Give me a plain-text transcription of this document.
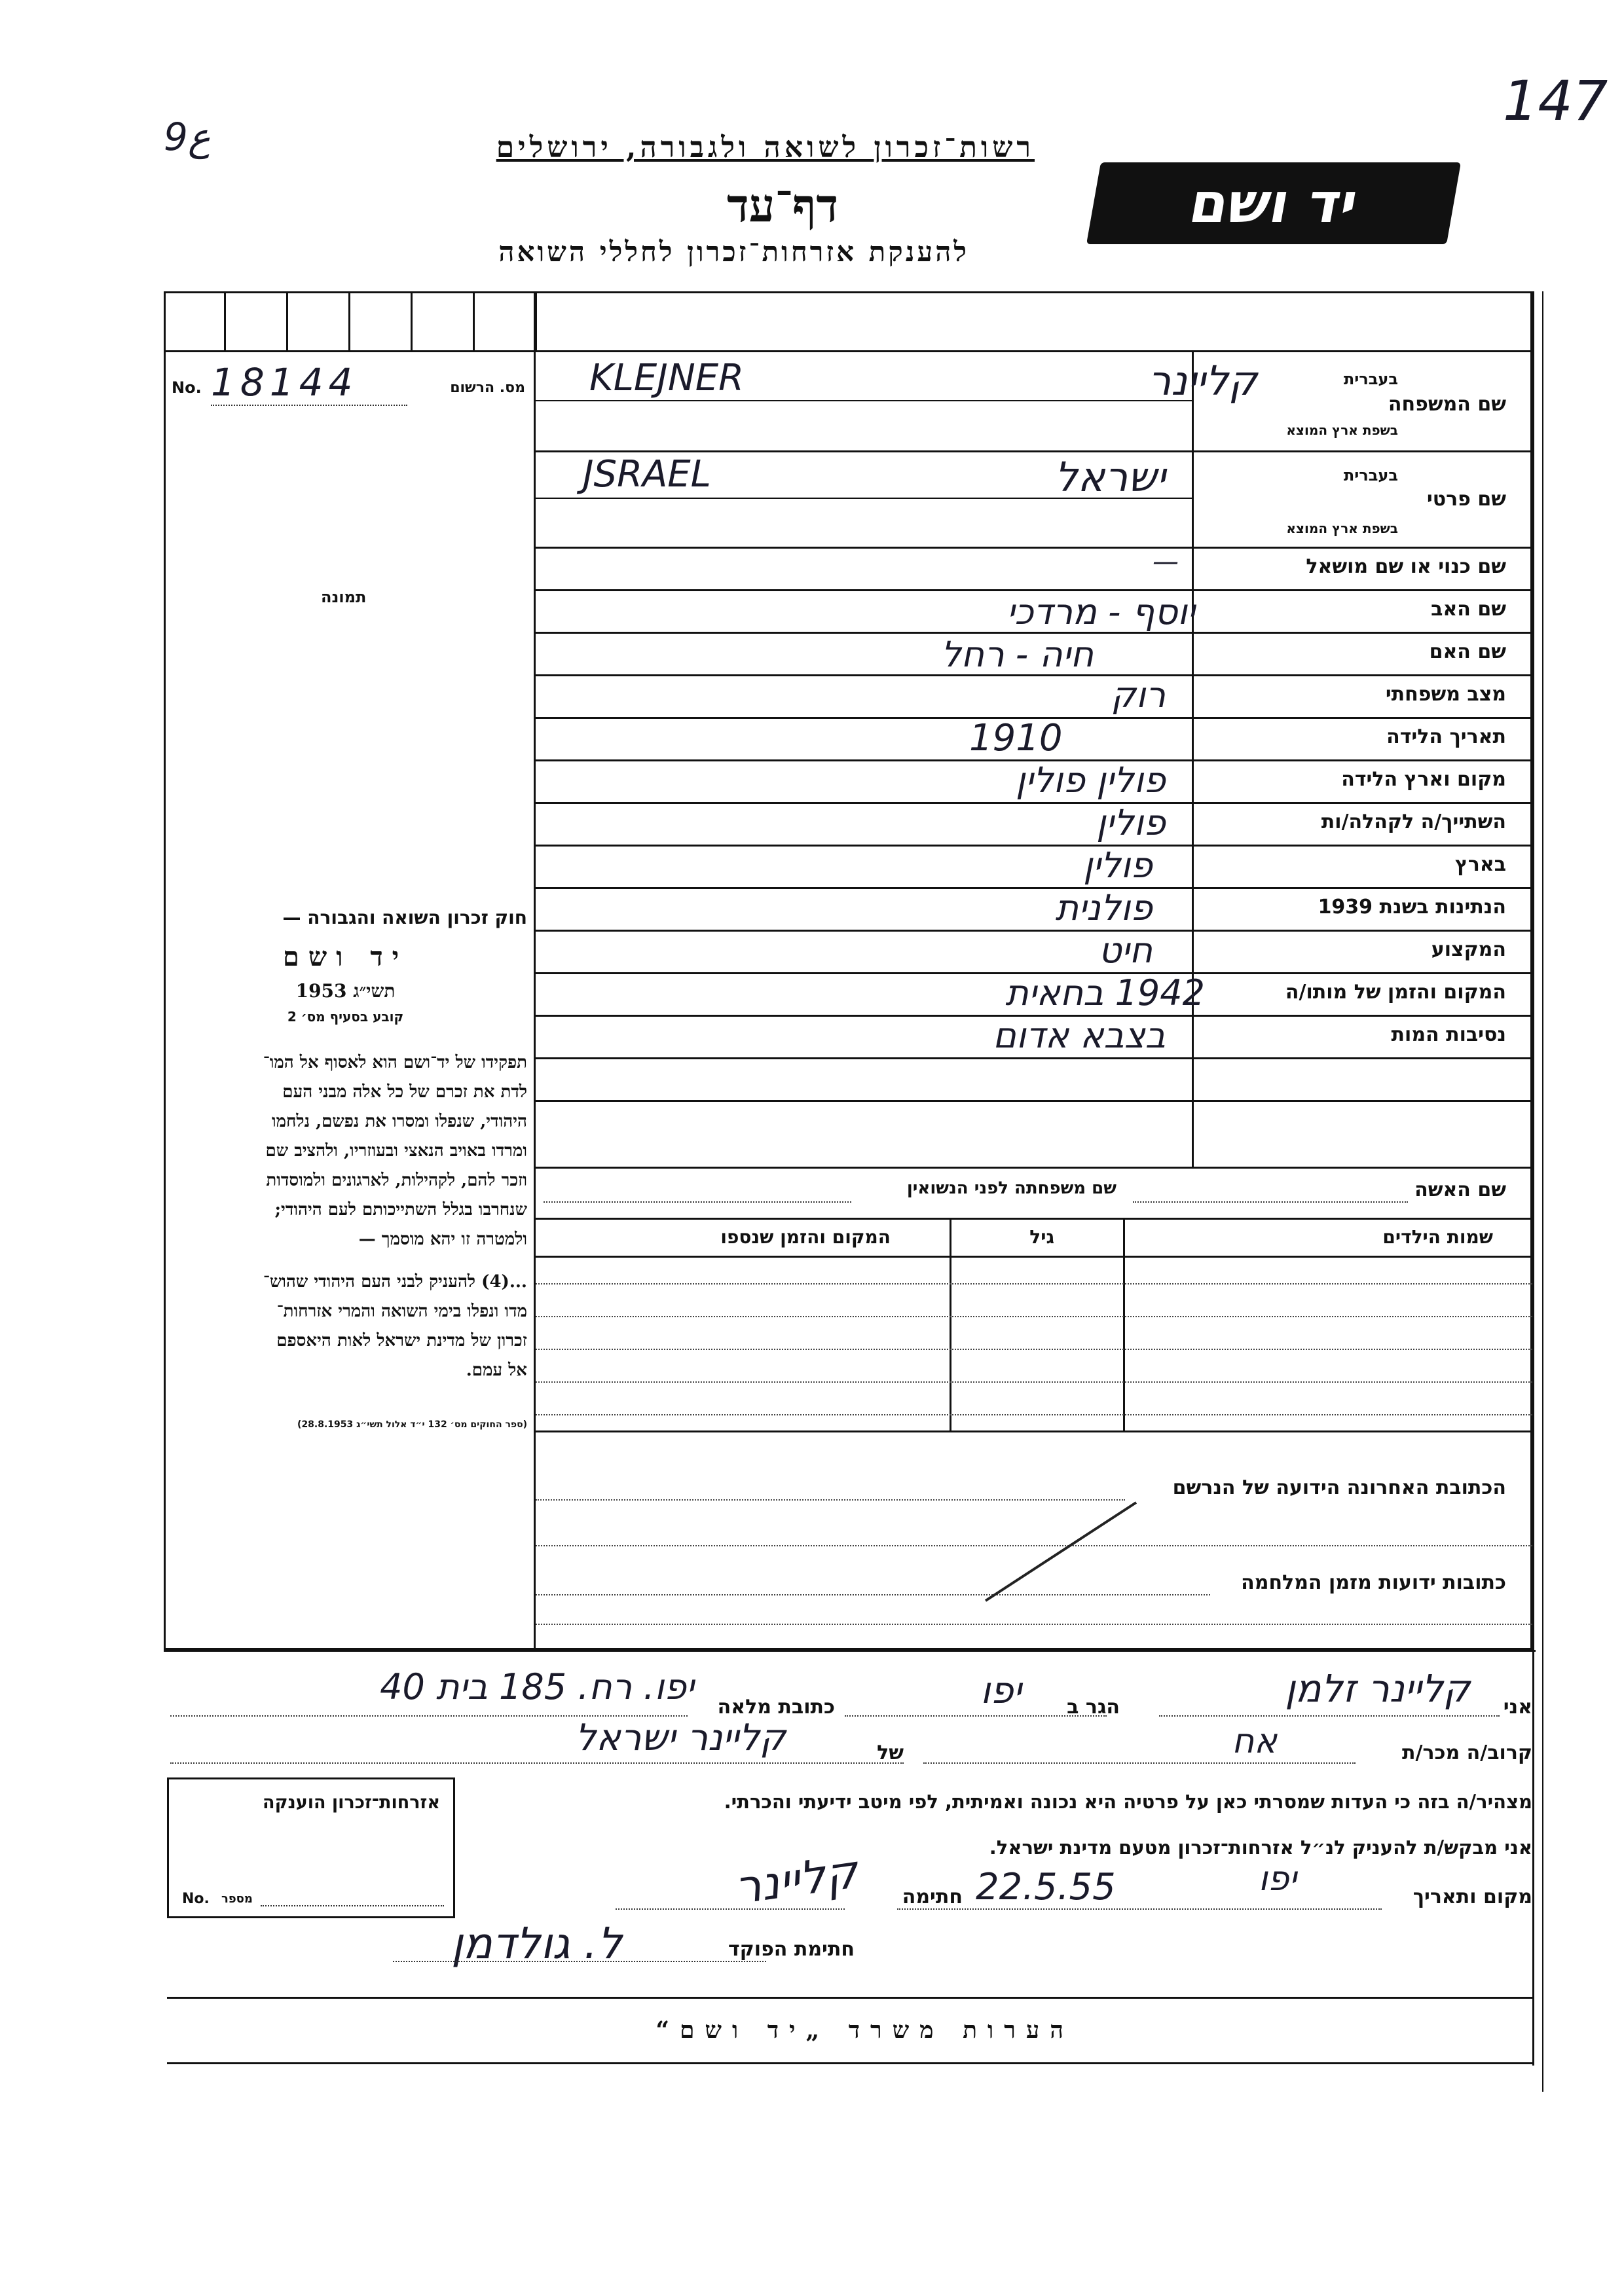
9ع
147
רשות־זכרון לשואה ולגבורה, ירושלים
דף־עד
להענקת אזרחות־זכרון לחללי השואה
יד ושם
No. 18144	מס. הרשום
תמונה
שם המשפחה
בעברית
בשפת ארץ המוצא
KLEJNER	קליינר
שם פרטי
בעברית
בשפת ארץ המוצא
JSRAEL	ישראל
שם כנוי או שם מושאל
—
שם האב
יוסף - מרדכי
שם האם
חיה - רחל
מצב משפחתי
רוק
תאריך הלידה
1910
מקום וארץ הלידה
פולין פולין
השתייך/ה לקהלה/ות
פולין
בארץ
פולין
הנתינות בשנת 1939
פולנית
המקצוע
חיט
המקום והזמן של מותו/ה
1942 בחאית
נסיבות המות
בצבא אדום
חוק זכרון השואה והגבורה —
יד ושם
תשי״ג 1953
קובע בסעיף מס׳ 2
תפקידו של יד־ושם הוא לאסוף אל המו־
לדת את זכרם של כל אלה מבני העם
היהודי, שנפלו ומסרו את נפשם, נלחמו
ומרדו באויב הנאצי ובעוזריו, ולהציב שם
וזכר להם, לקהילות, לארגונים ולמוסדות
שנחרבו בגלל השתייכותם לעם היהודי;
ולמטרה זו יהא מוסמך —
...(4) להעניק לבני העם היהודי שהוש־
מדו ונפלו בימי השואה והמרי אזרחות־
זכרון של מדינת ישראל לאות היאספם
אל עמם.
(ספר החוקים מס׳ 132 י״ד אלול תשי״ג 28.8.1953)
שם האשה
שם משפחתה לפני הנשואין
שמות הילדים
גיל
המקום והזמן שנספו
הכתובת האחרונה הידועה של הנרשם
כתובות ידועות מזמן המלחמה
אני
קליינר זלמן
הגר ב
יפו
כתובת מלאה
יפו. רח. 185 בית 40
קרוב/ה מכר/ת
אח
של
קליינר ישראל
מצהיר/ה בזה כי העדות שמסרתי כאן על פרטיה היא נכונה ואמיתית, לפי מיטב ידיעתי והכרתי.
אני מבקש/ת להעניק לנ״ל אזרחות־זכרון מטעם מדינת ישראל.
מקום ותאריך
יפו
22.5.55
חתימה
קליינר
חתימת הפוקד
ל. גולדמן
אזרחות־זכרון הוענקה
No. מספר
הערות משרד „יד ושם“
